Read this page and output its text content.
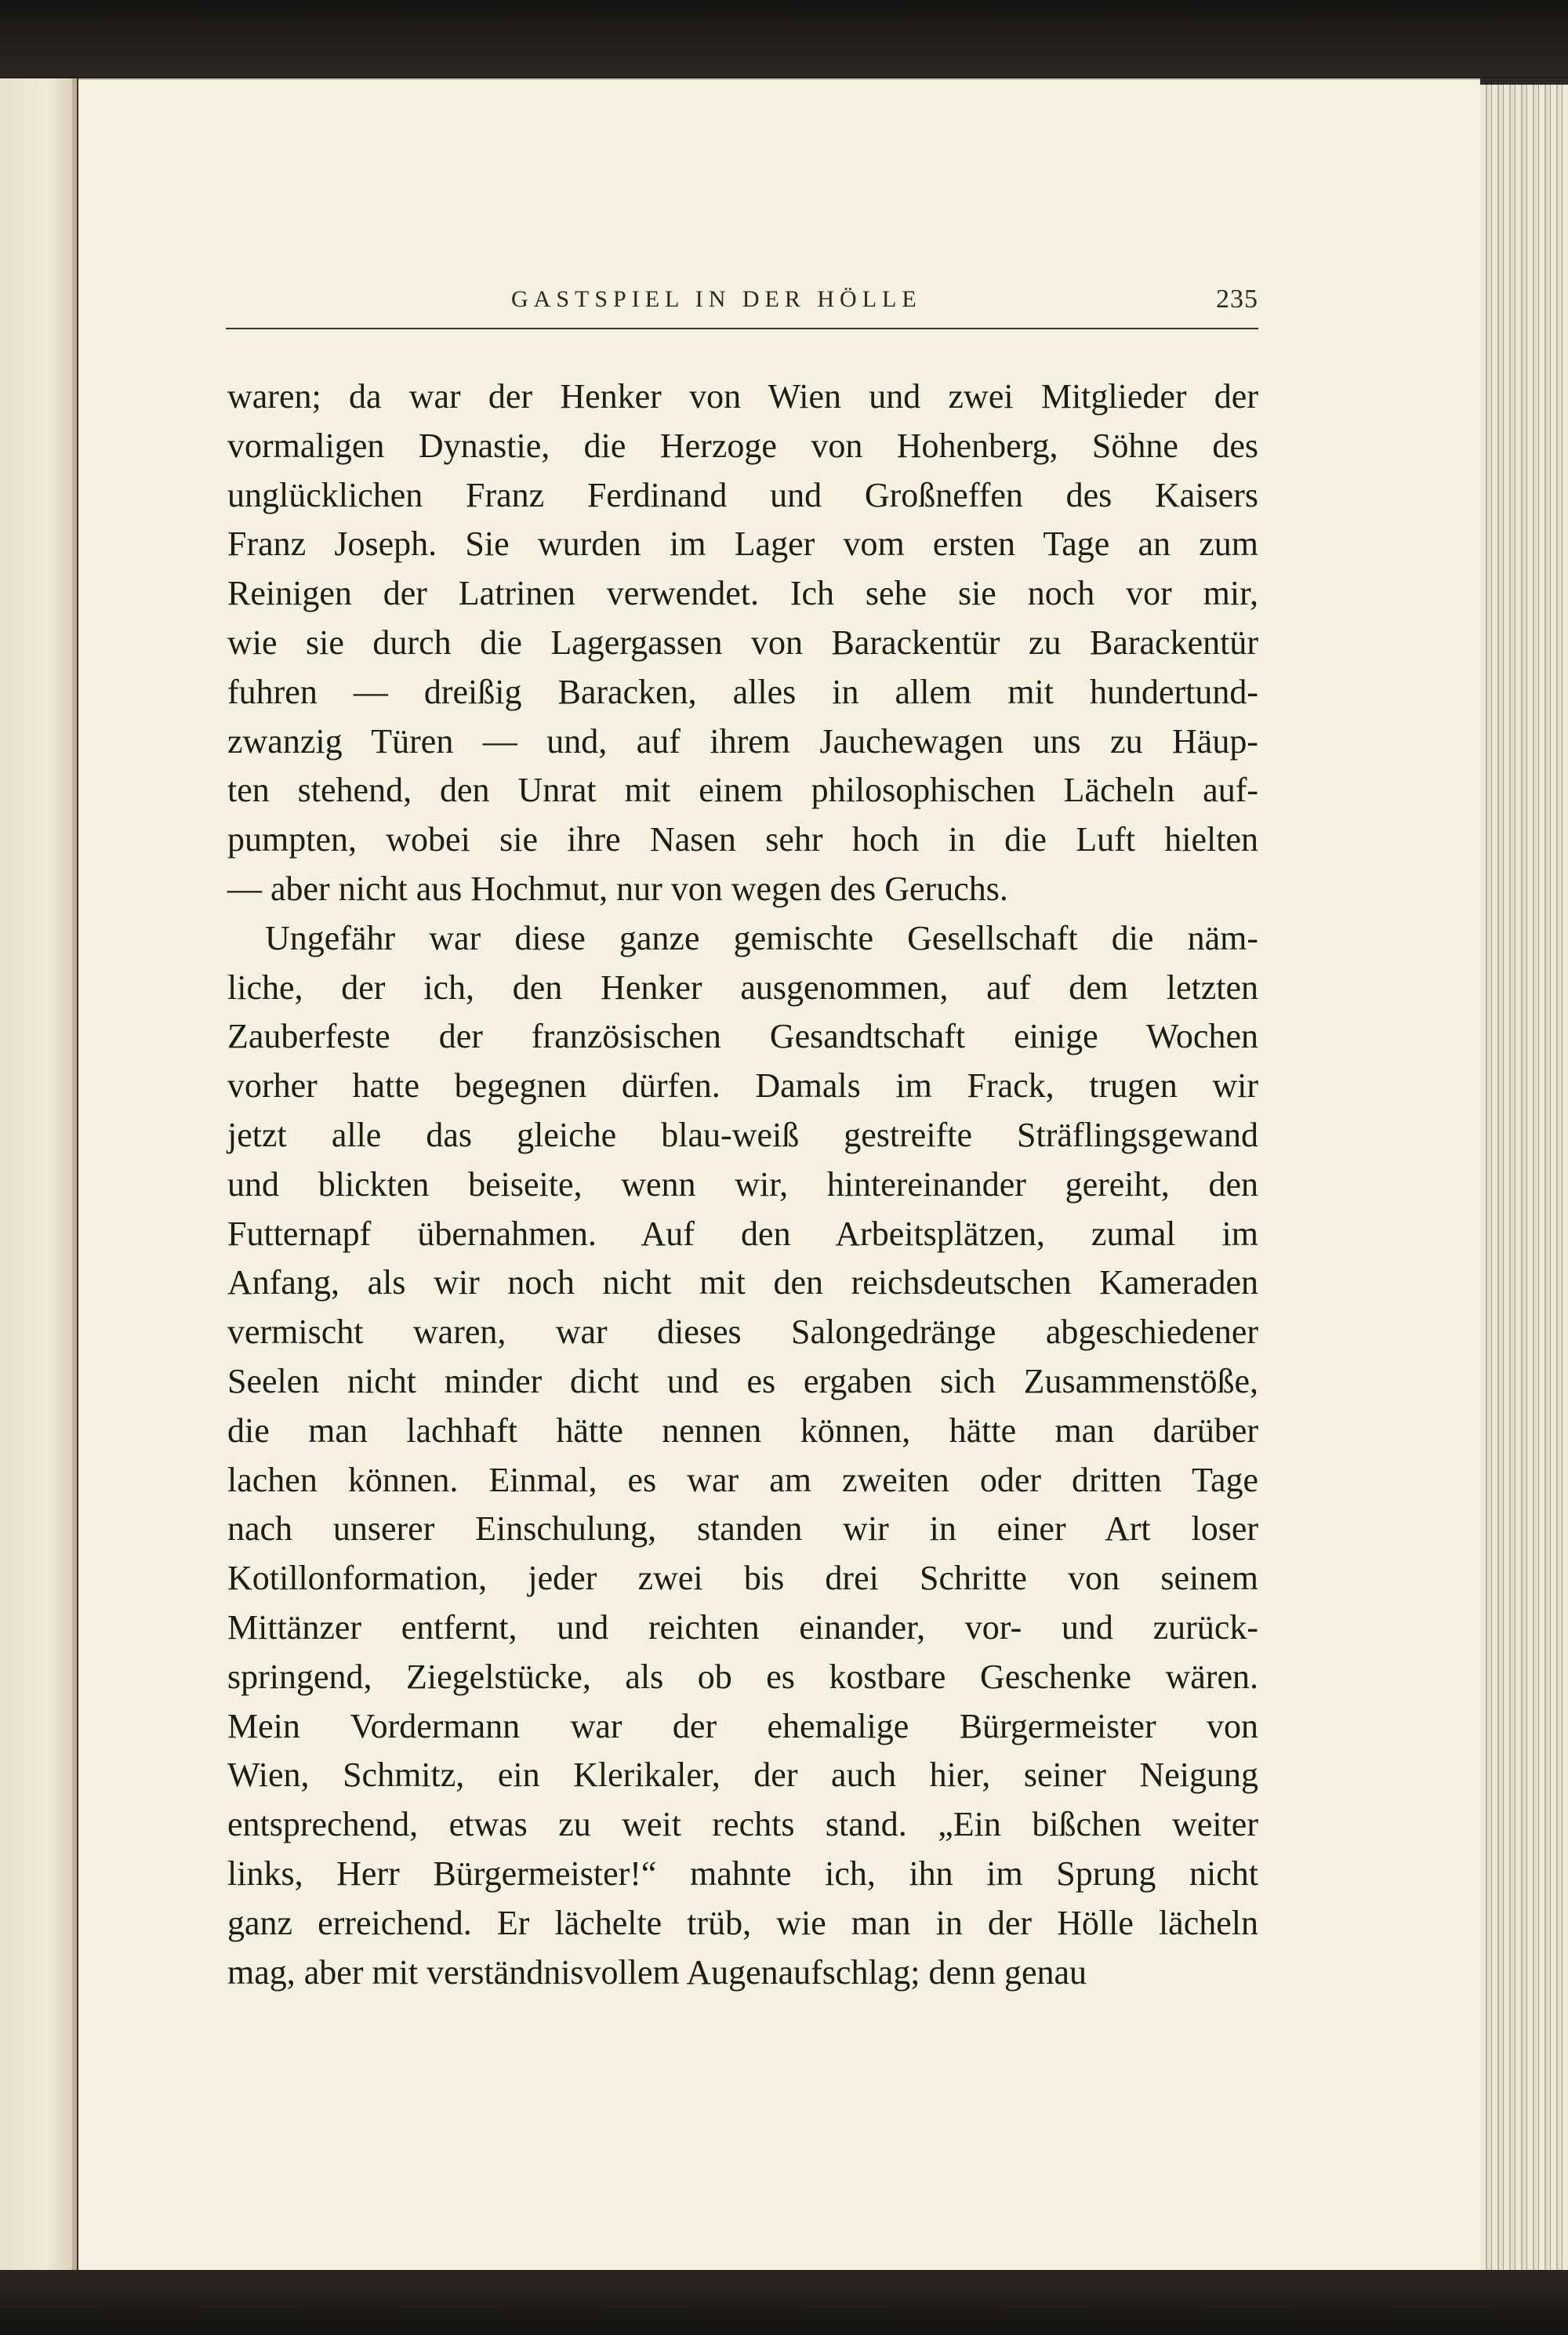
GASTSPIEL IN DER HÖLLE	235
waren; da war der Henker von Wien und zwei Mitglieder der
vormaligen Dynastie, die Herzoge von Hohenberg, Söhne des
unglücklichen Franz Ferdinand und Großneffen des Kaisers
Franz Joseph. Sie wurden im Lager vom ersten Tage an zum
Reinigen der Latrinen verwendet. Ich sehe sie noch vor mir,
wie sie durch die Lagergassen von Barackentür zu Barackentür
fuhren — dreißig Baracken, alles in allem mit hundertund-
zwanzig Türen — und, auf ihrem Jauchewagen uns zu Häup-
ten stehend, den Unrat mit einem philosophischen Lächeln auf-
pumpten, wobei sie ihre Nasen sehr hoch in die Luft hielten
— aber nicht aus Hochmut, nur von wegen des Geruchs.
Ungefähr war diese ganze gemischte Gesellschaft die näm-
liche, der ich, den Henker ausgenommen, auf dem letzten
Zauberfeste der französischen Gesandtschaft einige Wochen
vorher hatte begegnen dürfen. Damals im Frack, trugen wir
jetzt alle das gleiche blau-weiß gestreifte Sträflingsgewand
und blickten beiseite, wenn wir, hintereinander gereiht, den
Futternapf übernahmen. Auf den Arbeitsplätzen, zumal im
Anfang, als wir noch nicht mit den reichsdeutschen Kameraden
vermischt waren, war dieses Salongedränge abgeschiedener
Seelen nicht minder dicht und es ergaben sich Zusammenstöße,
die man lachhaft hätte nennen können, hätte man darüber
lachen können. Einmal, es war am zweiten oder dritten Tage
nach unserer Einschulung, standen wir in einer Art loser
Kotillonformation, jeder zwei bis drei Schritte von seinem
Mittänzer entfernt, und reichten einander, vor- und zurück-
springend, Ziegelstücke, als ob es kostbare Geschenke wären.
Mein Vordermann war der ehemalige Bürgermeister von
Wien, Schmitz, ein Klerikaler, der auch hier, seiner Neigung
entsprechend, etwas zu weit rechts stand. „Ein bißchen weiter
links, Herr Bürgermeister!“ mahnte ich, ihn im Sprung nicht
ganz erreichend. Er lächelte trüb, wie man in der Hölle lächeln
mag, aber mit verständnisvollem Augenaufschlag; denn genau
